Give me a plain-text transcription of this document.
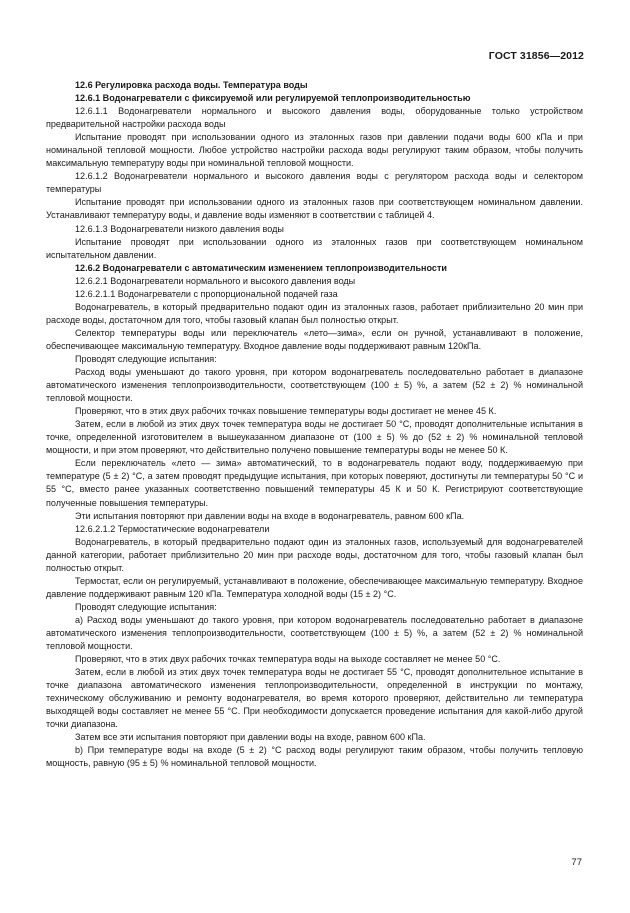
ГОСТ 31856—2012

12.6 Регулировка расхода воды. Температура воды

12.6.1 Водонагреватели с фиксируемой или регулируемой теплопроизводительностью

12.6.1.1 Водонагреватели нормального и высокого давления воды, оборудованные только устройством предварительной настройки расхода воды

Испытание проводят при использовании одного из эталонных газов при давлении подачи воды 600 кПа и при номинальной тепловой мощности. Любое устройство настройки расхода воды регулируют таким образом, чтобы получить максимальную температуру воды при номинальной тепловой мощности.

12.6.1.2 Водонагреватели нормального и высокого давления воды с регулятором расхода воды и селектором температуры

Испытание проводят при использовании одного из эталонных газов при соответствующем номинальном давлении. Устанавливают температуру воды, и давление воды изменяют в соответствии с таблицей 4.

12.6.1.3 Водонагреватели низкого давления воды

Испытание проводят при использовании одного из эталонных газов при соответствующем номинальном испытательном давлении.

12.6.2 Водонагреватели с автоматическим изменением теплопроизводительности

12.6.2.1 Водонагреватели нормального и высокого давления воды

12.6.2.1.1 Водонагреватели с пропорциональной подачей газа

Водонагреватель, в который предварительно подают один из эталонных газов, работает приблизительно 20 мин при расходе воды, достаточном для того, чтобы газовый клапан был полностью открыт.

Селектор температуры воды или переключатель «лето—зима», если он ручной, устанавливают в положение, обеспечивающее максимальную температуру. Входное давление воды поддерживают равным 120кПа.

Проводят следующие испытания:

Расход воды уменьшают до такого уровня, при котором водонагреватель последовательно работает в диапазоне автоматического изменения теплопроизводительности, соответствующем (100 ± 5) %, а затем (52 ± 2) % номинальной тепловой мощности.

Проверяют, что в этих двух рабочих точках повышение температуры воды достигает не менее 45 К.

Затем, если в любой из этих двух точек температура воды не достигает 50 °С, проводят дополнительные испытания в точке, определенной изготовителем в вышеуказанном диапазоне от (100 ± 5) % до (52 ± 2) % номинальной тепловой мощности, и при этом проверяют, что действительно получено повышение температуры воды не менее 50 К.

Если переключатель «лето — зима» автоматический, то в водонагреватель подают воду, поддерживаемую при температуре (5 ± 2) °С, а затем проводят предыдущие испытания, при которых поверяют, достигнуты ли температуры 50 °С и 55 °С, вместо ранее указанных соответственно повышений температуры 45 К и 50 К. Регистрируют соответствующие полученные повышения температуры.

Эти испытания повторяют при давлении воды на входе в водонагреватель, равном 600 кПа.

12.6.2.1.2 Термостатические водонагреватели

Водонагреватель, в который предварительно подают один из эталонных газов, используемый для водонагревателей данной категории, работает приблизительно 20 мин при расходе воды, достаточном для того, чтобы газовый клапан был полностью открыт.

Термостат, если он регулируемый, устанавливают в положение, обеспечивающее максимальную температуру. Входное давление поддерживают равным 120 кПа. Температура холодной воды (15 ± 2) °С.

Проводят следующие испытания:

a) Расход воды уменьшают до такого уровня, при котором водонагреватель последовательно работает в диапазоне автоматического изменения теплопроизводительности, соответствующем (100 ± 5) %, а затем (52 ± 2) % номинальной тепловой мощности.

Проверяют, что в этих двух рабочих точках температура воды на выходе составляет не менее 50 °С.

Затем, если в любой из этих двух точек температура воды не достигает 55 °С, проводят дополнительное испытание в точке диапазона автоматического изменения теплопроизводительности, определенной в инструкции по монтажу, техническому обслуживанию и ремонту водонагревателя, во время которого проверяют, действительно ли температура выходящей воды составляет не менее 55 °С. При необходимости допускается проведение испытания для какой-либо другой точки диапазона.

Затем все эти испытания повторяют при давлении воды на входе, равном 600 кПа.

b) При температуре воды на входе (5 ± 2) °С расход воды регулируют таким образом, чтобы получить тепловую мощность, равную (95 ± 5) % номинальной тепловой мощности.

77
